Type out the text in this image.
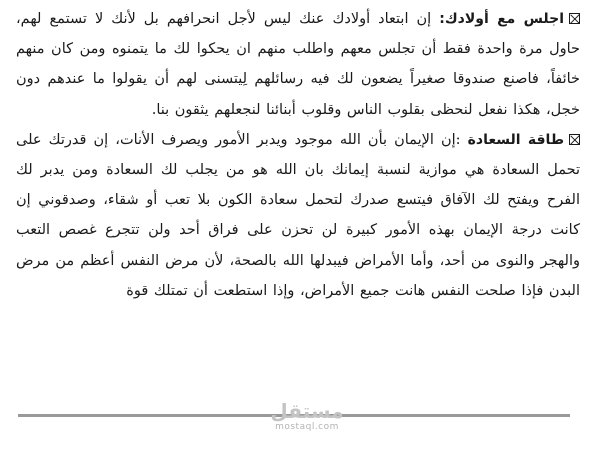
اجلس مع أولادك: إن ابتعاد أولادك عنك ليس لأجل انحرافهم بل لأنك لا تستمع لهم، حاول مرة واحدة فقط أن تجلس معهم واطلب منهم ان يحكوا لك ما يتمنوه ومن كان منهم خائفاً، فاصنع صندوقا صغيراً يضعون لك فيه رسائلهم لِيتسنى لهم أن يقولوا ما عندهم دون خجل، هكذا نفعل لنحظى بقلوب الناس وقلوب أبنائنا لنجعلهم يثقون بنا.

طاقة السعادة :إن الإيمان بأن الله موجود ويدبر الأمور ويصرف الأنات، إن قدرتك على تحمل السعادة هي موازية لنسبة إيمانك بان الله هو من يجلب لك السعادة ومن يدبر لك الفرح ويفتح لك الآفاق فيتسع صدرك لتحمل سعادة الكون بلا تعب أو شقاء، وصدقوني إن كانت درجة الإيمان بهذه الأمور كبيرة لن تحزن على فراق أحد ولن تتجرع غصص التعب والهجر والنوى من أحد، وأما الأمراض فيبدلها الله بالصحة، لأن مرض النفس أعظم من مرض البدن فإذا صلحت النفس هانت جميع الأمراض، وإذا استطعت أن تمتلك قوة

مستقل
mostaql.com
